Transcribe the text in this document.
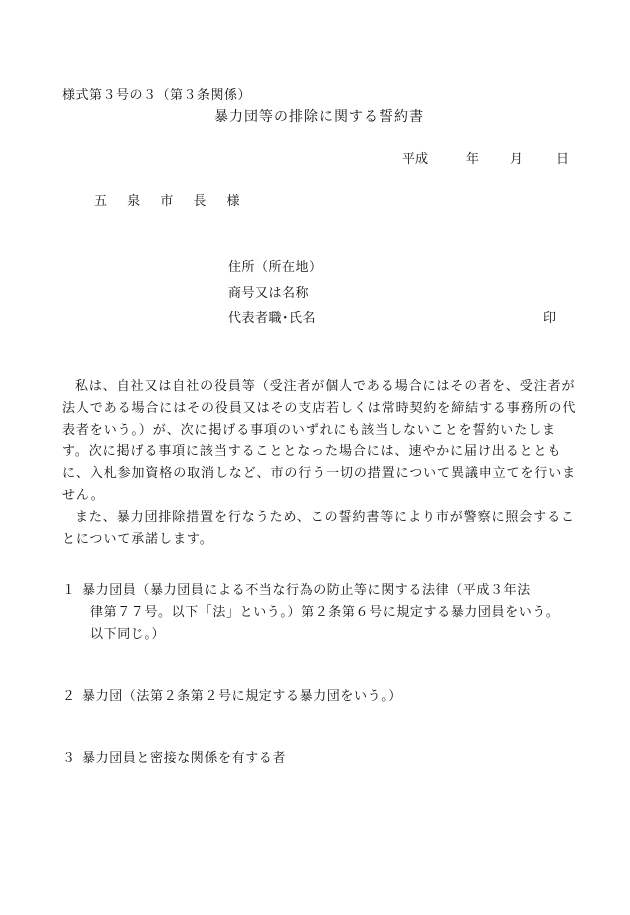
様式第３号の３（第３条関係）
暴力団等の排除に関する誓約書
平成	年 月	日
五 泉 市 長 様
住所（所在地）
商号又は名称
代表者職･氏名	印

私は、自社又は自社の役員等（受注者が個人である場合にはその者を、受注者が法人である場合にはその役員又はその支店若しくは常時契約を締結する事務所の代表者をいう。）が、次に掲げる事項のいずれにも該当しないことを誓約いたします。次に掲げる事項に該当することとなった場合には、速やかに届け出るとともに、入札参加資格の取消しなど、市の行う一切の措置について異議申立てを行いません。

また、暴力団排除措置を行なうため、この誓約書等により市が警察に照会することについて承諾します。

１ 暴力団員（暴力団員による不当な行為の防止等に関する法律（平成３年法
律第７７号。以下「法」という。）第２条第６号に規定する暴力団員をいう。
以下同じ。）
２ 暴力団（法第２条第２号に規定する暴力団をいう。）
３ 暴力団員と密接な関係を有する者
